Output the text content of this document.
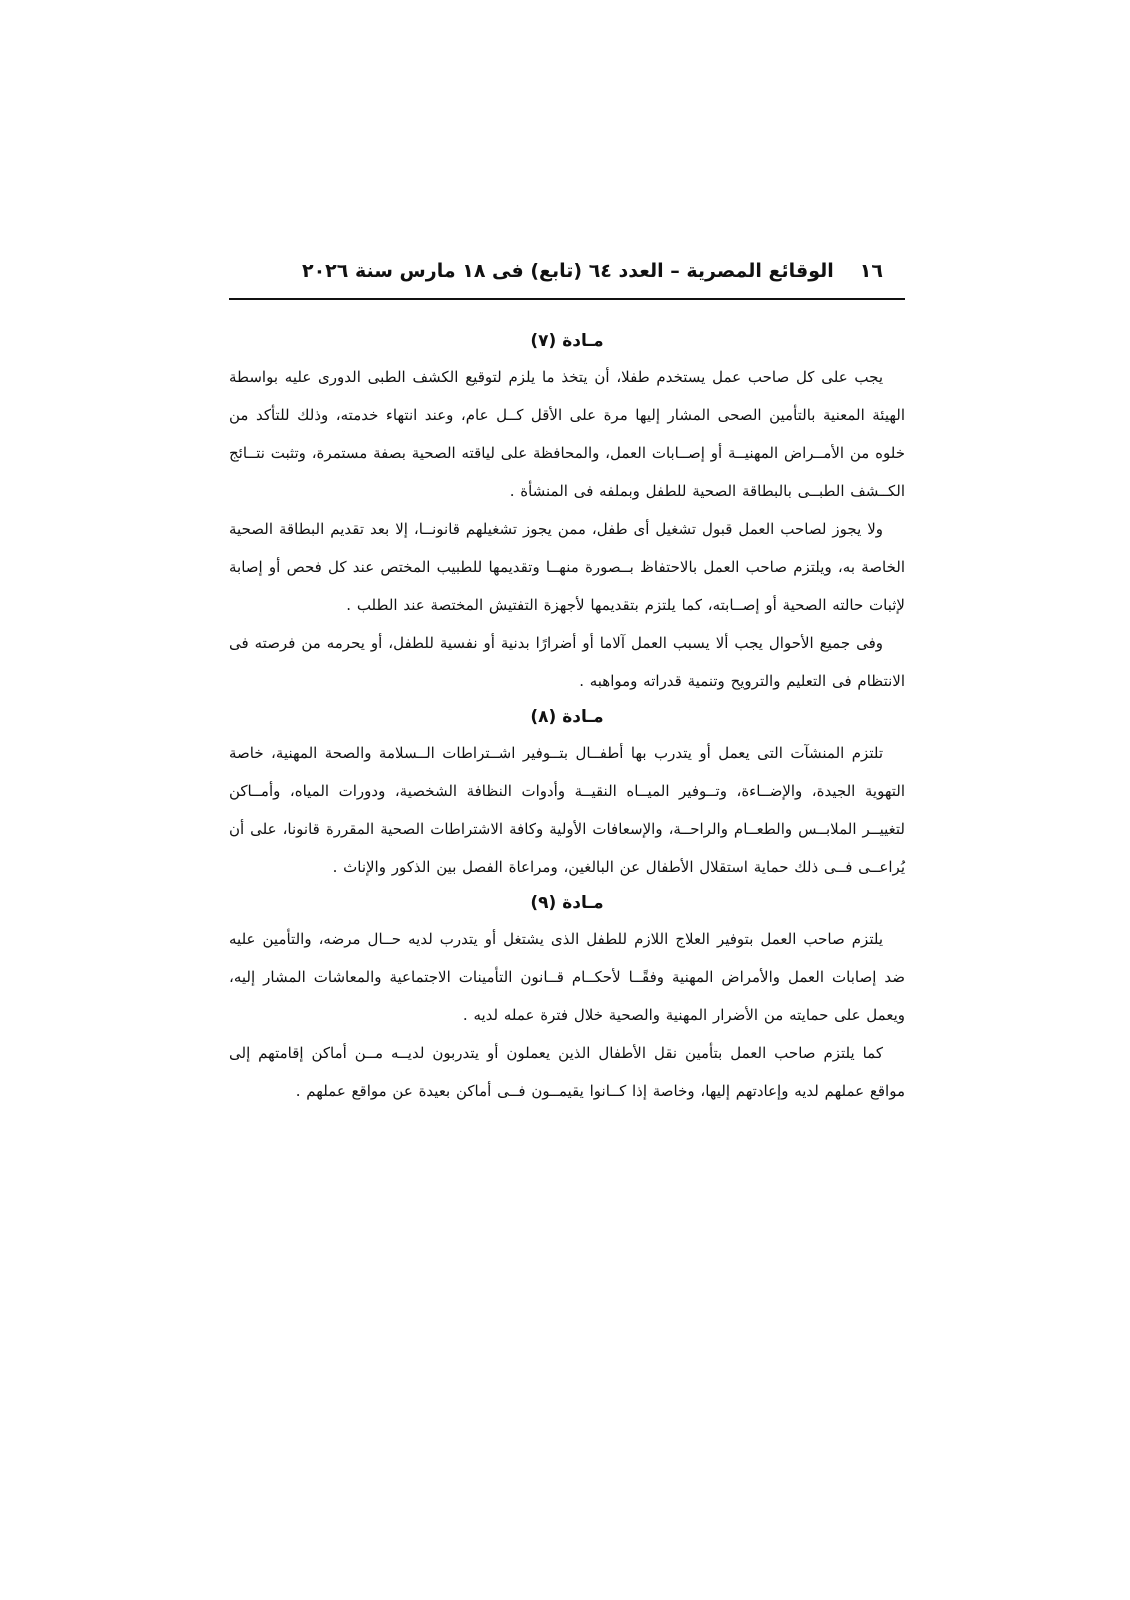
١٦
الوقائع المصرية – العدد ٦٤ (تابع) فى ١٨ مارس سنة ٢٠٢٦
مـادة (٧)

يجب على كل صاحب عمل يستخدم طفلا، أن يتخذ ما يلزم لتوقيع الكشف الطبى الدورى عليه بواسطة الهيئة المعنية بالتأمين الصحى المشار إليها مرة على الأقل كــل عام، وعند انتهاء خدمته، وذلك للتأكد من خلوه من الأمــراض المهنيــة أو إصــابات العمل، والمحافظة على لياقته الصحية بصفة مستمرة، وتثبت نتــائج الكــشف الطبــى بالبطاقة الصحية للطفل وبملفه فى المنشأة .

ولا يجوز لصاحب العمل قبول تشغيل أى طفل، ممن يجوز تشغيلهم قانونــا، إلا بعد تقديم البطاقة الصحية الخاصة به، ويلتزم صاحب العمل بالاحتفاظ بــصورة منهــا وتقديمها للطبيب المختص عند كل فحص أو إصابة لإثبات حالته الصحية أو إصــابته، كما يلتزم بتقديمها لأجهزة التفتيش المختصة عند الطلب .

وفى جميع الأحوال يجب ألا يسبب العمل آلاما أو أضرارًا بدنية أو نفسية للطفل، أو يحرمه من فرصته فى الانتظام فى التعليم والترويح وتنمية قدراته ومواهبه .

مـادة (٨)

تلتزم المنشآت التى يعمل أو يتدرب بها أطفــال بتــوفير اشــتراطات الــسلامة والصحة المهنية، خاصة التهوية الجيدة، والإضــاءة، وتــوفير الميــاه النقيــة وأدوات النظافة الشخصية، ودورات المياه، وأمــاكن لتغييــر الملابــس والطعــام والراحــة، والإسعافات الأولية وكافة الاشتراطات الصحية المقررة قانونا، على أن يُراعــى فــى ذلك حماية استقلال الأطفال عن البالغين، ومراعاة الفصل بين الذكور والإناث .

مـادة (٩)

يلتزم صاحب العمل بتوفير العلاج اللازم للطفل الذى يشتغل أو يتدرب لديه حــال مرضه، والتأمين عليه ضد إصابات العمل والأمراض المهنية وفقًــا لأحكــام قــانون التأمينات الاجتماعية والمعاشات المشار إليه، ويعمل على حمايته من الأضرار المهنية والصحية خلال فترة عمله لديه .

كما يلتزم صاحب العمل بتأمين نقل الأطفال الذين يعملون أو يتدربون لديــه مــن أماكن إقامتهم إلى مواقع عملهم لديه وإعادتهم إليها، وخاصة إذا كــانوا يقيمــون فــى أماكن بعيدة عن مواقع عملهم .
